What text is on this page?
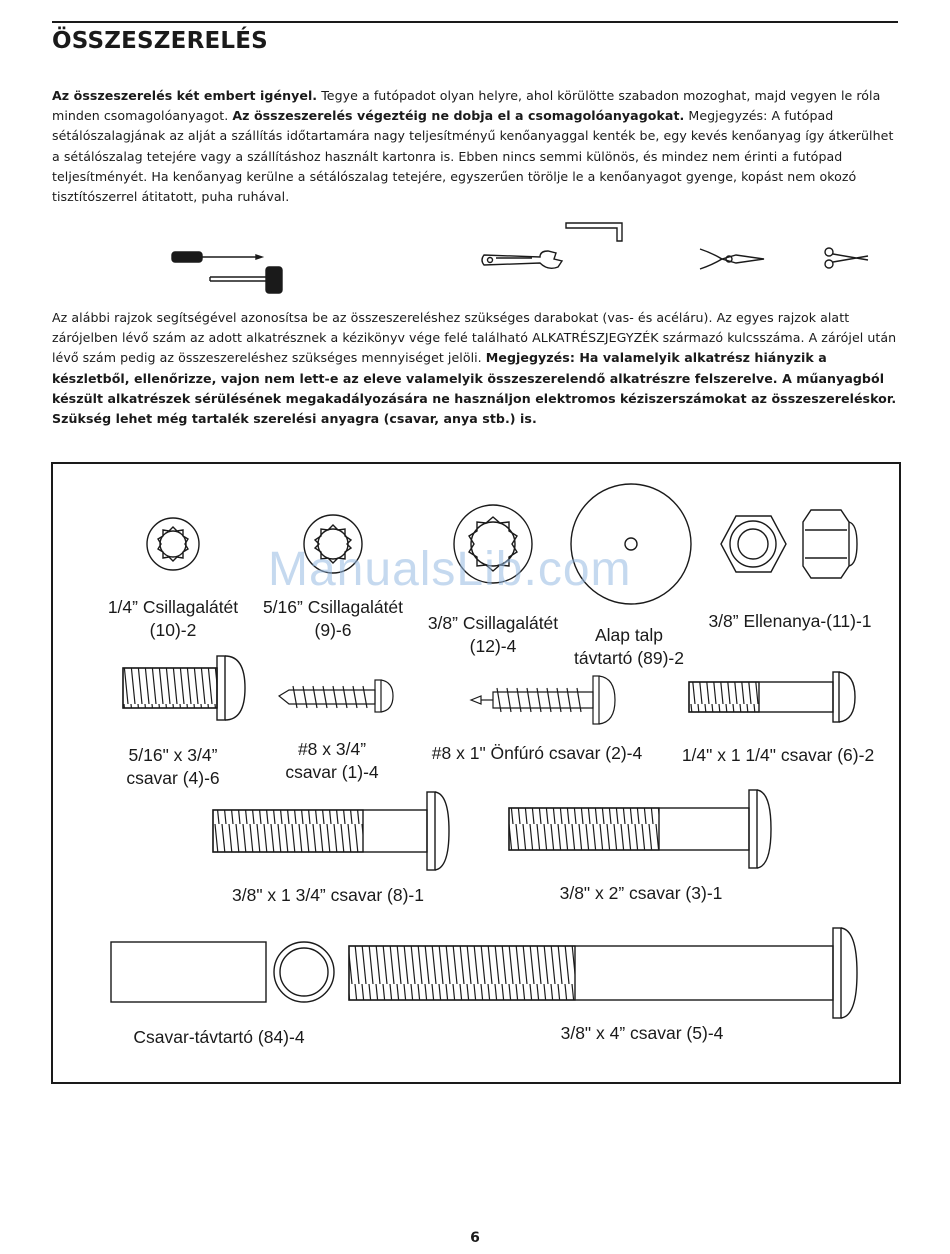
ÖSSZESZERELÉS

Az összeszerelés két embert igényel. Tegye a futópadot olyan helyre, ahol körülötte szabadon mozoghat, majd vegyen le róla minden csomagolóanyagot. Az összeszerelés végeztéig ne dobja el a csomagolóanyagokat. Megjegyzés: A futópad sétálószalagjának az alját a szállítás időtartamára nagy teljesítményű kenőanyaggal kenték be, egy kevés kenőanyag így átkerülhet a sétálószalag tetejére vagy a szállításhoz használt kartonra is. Ebben nincs semmi különös, és mindez nem érinti a futópad teljesítményét. Ha kenőanyag kerülne a sétálószalag tetejére, egyszerűen törölje le a kenőanyagot gyenge, kopást nem okozó tisztítószerrel átitatott, puha ruhával.

Az alábbi rajzok segítségével azonosítsa be az összeszereléshez szükséges darabokat (vas- és acéláru). Az egyes rajzok alatt zárójelben lévő szám az adott alkatrésznek a kézikönyv vége felé található ALKATRÉSZJEGYZÉK származó kulcsszáma. A zárójel után lévő szám pedig az összeszereléshez szükséges mennyiséget jelöli. Megjegyzés: Ha valamelyik alkatrész hiányzik a készletből, ellenőrizze, vajon nem lett-e az eleve valamelyik összeszerelendő alkatrészre felszerelve. A műanyagból készült alkatrészek sérülésének megakadályozására ne használjon elektromos kéziszerszámokat az összeszereléskor. Szükség lehet még tartalék szerelési anyagra (csavar, anya stb.) is.

1/4” Csillagalátét
(10)-2
5/16” Csillagalátét
(9)-6	3/8” Csillagalátét
(12)-4
Alap talp
távtartó (89)-2
3/8” Ellenanya-(11)-1
5/16" x 3/4”
csavar (4)-6
#8 x 3/4”
csavar (1)-4
#8 x 1" Önfúró csavar (2)-4	1/4" x 1 1/4" csavar (6)-2
3/8" x 1 3/4” csavar (8)-1	3/8" x 2” csavar (3)-1
Csavar-távtartó (84)-4	3/8" x 4” csavar (5)-4

ManualsLib.com

6
